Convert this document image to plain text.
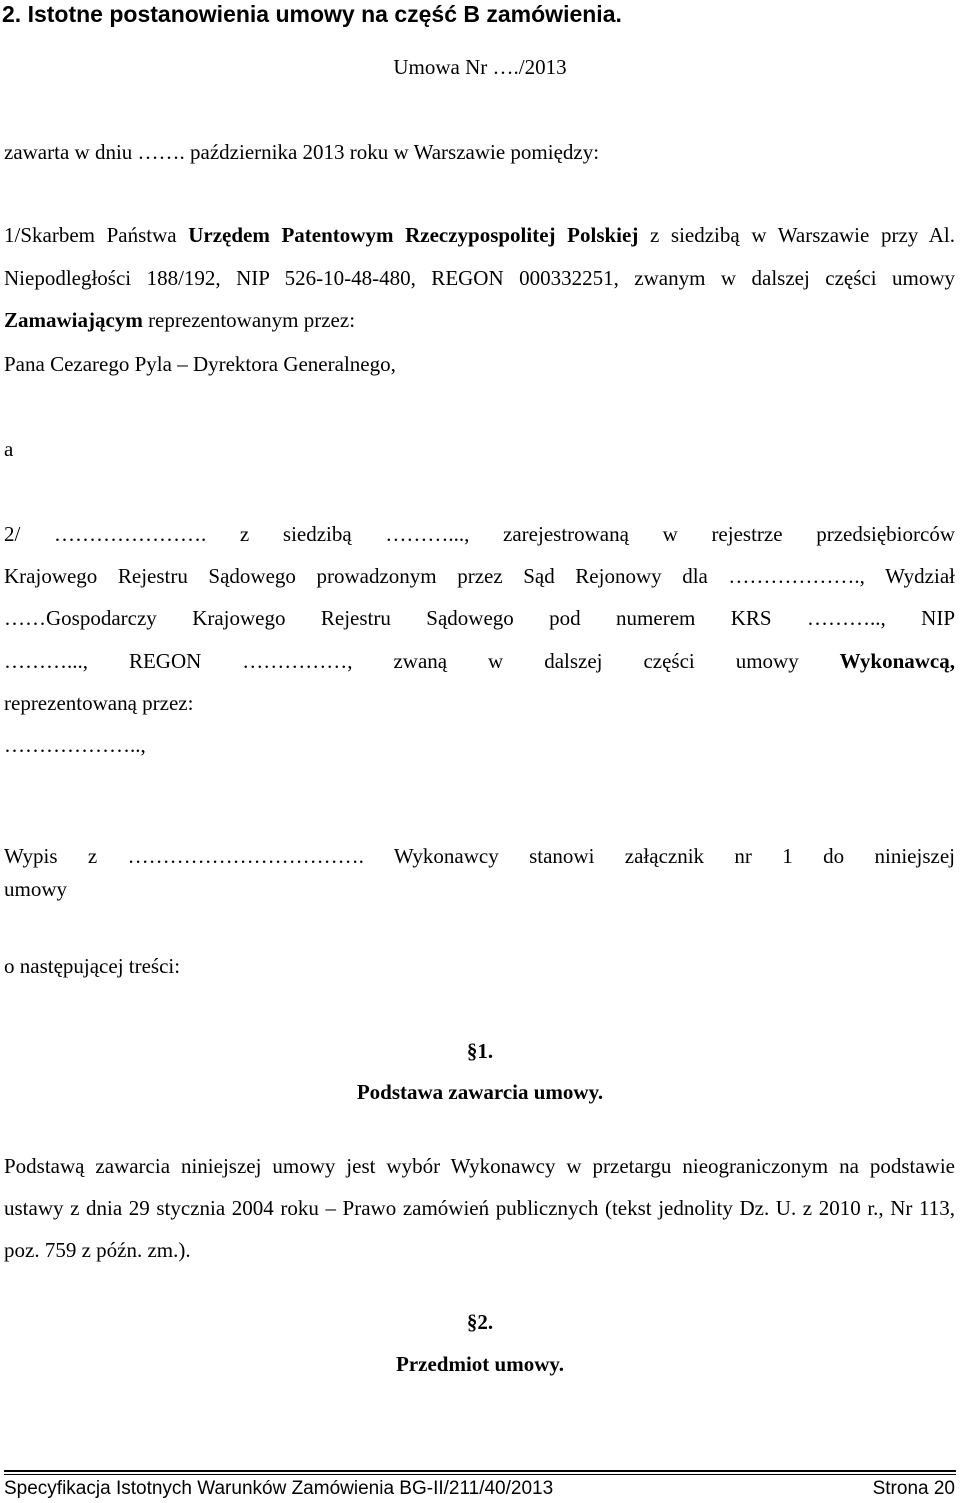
2. Istotne postanowienia umowy na część B zamówienia.
Umowa Nr …./2013
zawarta w dniu ……. października 2013 roku w Warszawie pomiędzy:

1/Skarbem Państwa Urzędem Patentowym Rzeczypospolitej Polskiej z siedzibą w Warszawie przy Al. Niepodległości 188/192, NIP 526-10-48-480, REGON 000332251, zwanym w dalszej części umowy Zamawiającym reprezentowanym przez:

Pana Cezarego Pyla – Dyrektora Generalnego,
a
2/ …………………. z siedzibą ………..., zarejestrowaną w rejestrze przedsiębiorców
Krajowego Rejestru Sądowego prowadzonym przez Sąd Rejonowy dla ………………., Wydział
……Gospodarczy Krajowego Rejestru Sądowego pod numerem KRS ……….., NIP
………..., REGON ……………, zwaną w dalszej części umowy Wykonawcą,
reprezentowaną przez:
………………..,
Wypis z ……………………………. Wykonawcy stanowi załącznik nr 1 do niniejszej
umowy
o następującej treści:
§1.
Podstawa zawarcia umowy.

Podstawą zawarcia niniejszej umowy jest wybór Wykonawcy w przetargu nieograniczonym na podstawie ustawy z dnia 29 stycznia 2004 roku – Prawo zamówień publicznych (tekst jednolity Dz. U. z 2010 r., Nr 113, poz. 759 z późn. zm.).

§2.
Przedmiot umowy.
Specyfikacja Istotnych Warunków Zamówienia BG-II/211/40/2013	Strona 20
